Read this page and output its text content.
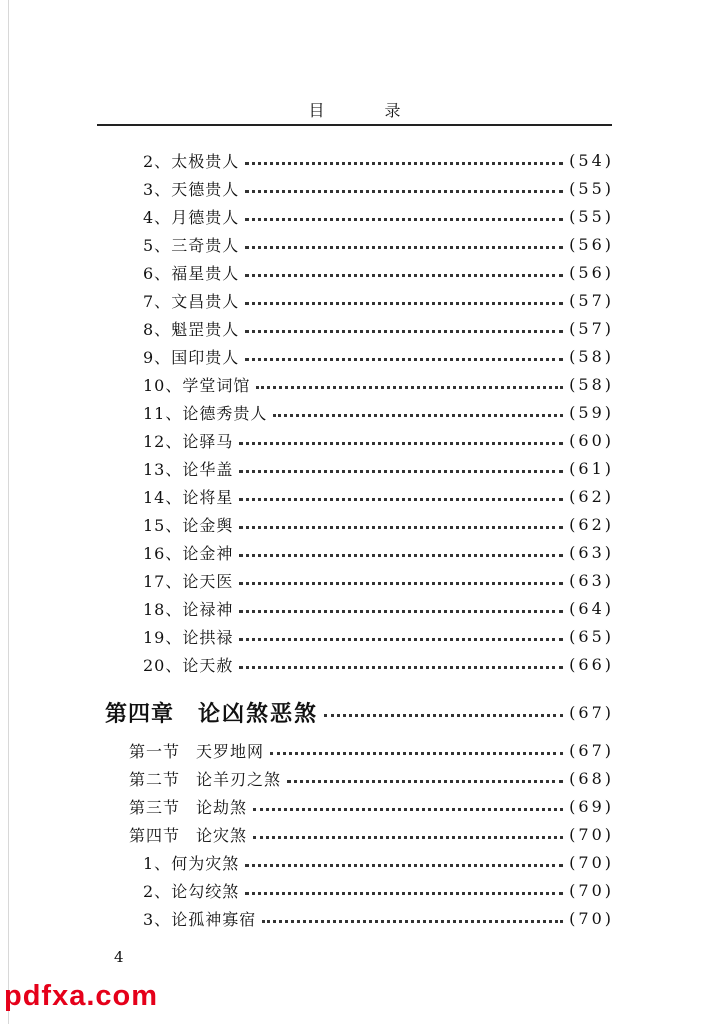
目录
2、 太极贵人	(54)
3、 天德贵人	(55)
4、 月德贵人	(55)
5、 三奇贵人	(56)
6、 福星贵人	(56)
7、 文昌贵人	(57)
8、 魁罡贵人	(57)
9、 国印贵人	(58)
10、 学堂词馆	(58)
11、 论德秀贵人	(59)
12、 论驿马	(60)
13、 论华盖	(61)
14、 论将星	(62)
15、 论金舆	(62)
16、 论金神	(63)
17、 论天医	(63)
18、 论禄神	(64)
19、 论拱禄	(65)
20、 论天赦	(66)
第四章 论凶煞恶煞	(67)
第一节 天罗地网	(67)
第二节 论羊刃之煞	(68)
第三节 论劫煞	(69)
第四节 论灾煞	(70)
1、 何为灾煞	(70)
2、 论勾绞煞	(70)
3、 论孤神寡宿	(70)
4
pdfxa.com
